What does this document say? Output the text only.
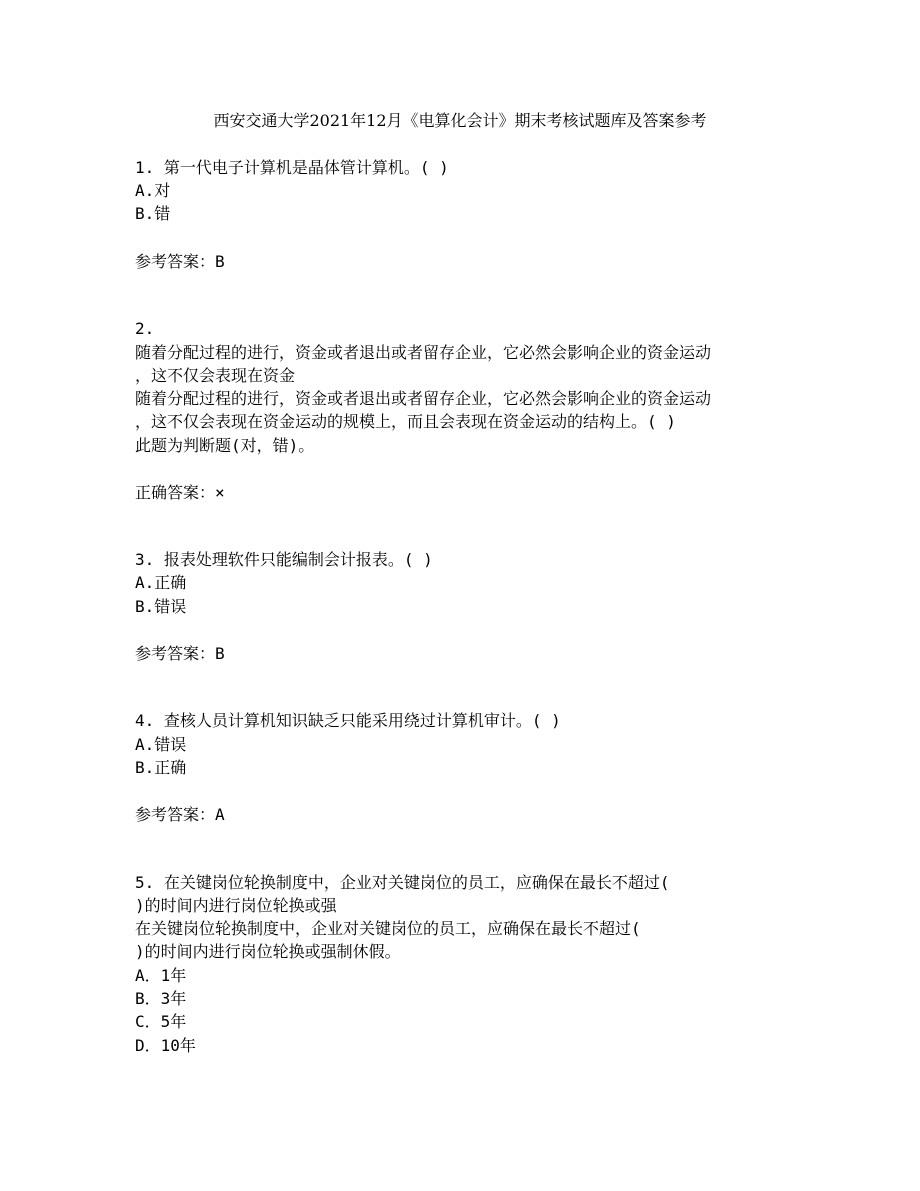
西安交通大学2021年12月《电算化会计》期末考核试题库及答案参考

1. 第一代电子计算机是晶体管计算机。( )

A.对

B.错

参考答案：B

2.

随着分配过程的进行，资金或者退出或者留存企业，它必然会影响企业的资金运动

，这不仅会表现在资金

随着分配过程的进行，资金或者退出或者留存企业，它必然会影响企业的资金运动

，这不仅会表现在资金运动的规模上，而且会表现在资金运动的结构上。( )

此题为判断题(对，错)。

正确答案：×

3. 报表处理软件只能编制会计报表。( )

A.正确

B.错误

参考答案：B

4. 查核人员计算机知识缺乏只能采用绕过计算机审计。( )

A.错误

B.正确

参考答案：A

5. 在关键岗位轮换制度中，企业对关键岗位的员工，应确保在最长不超过(

)的时间内进行岗位轮换或强

在关键岗位轮换制度中，企业对关键岗位的员工，应确保在最长不超过(

)的时间内进行岗位轮换或强制休假。

A．1年

B．3年

C．5年

D．10年
